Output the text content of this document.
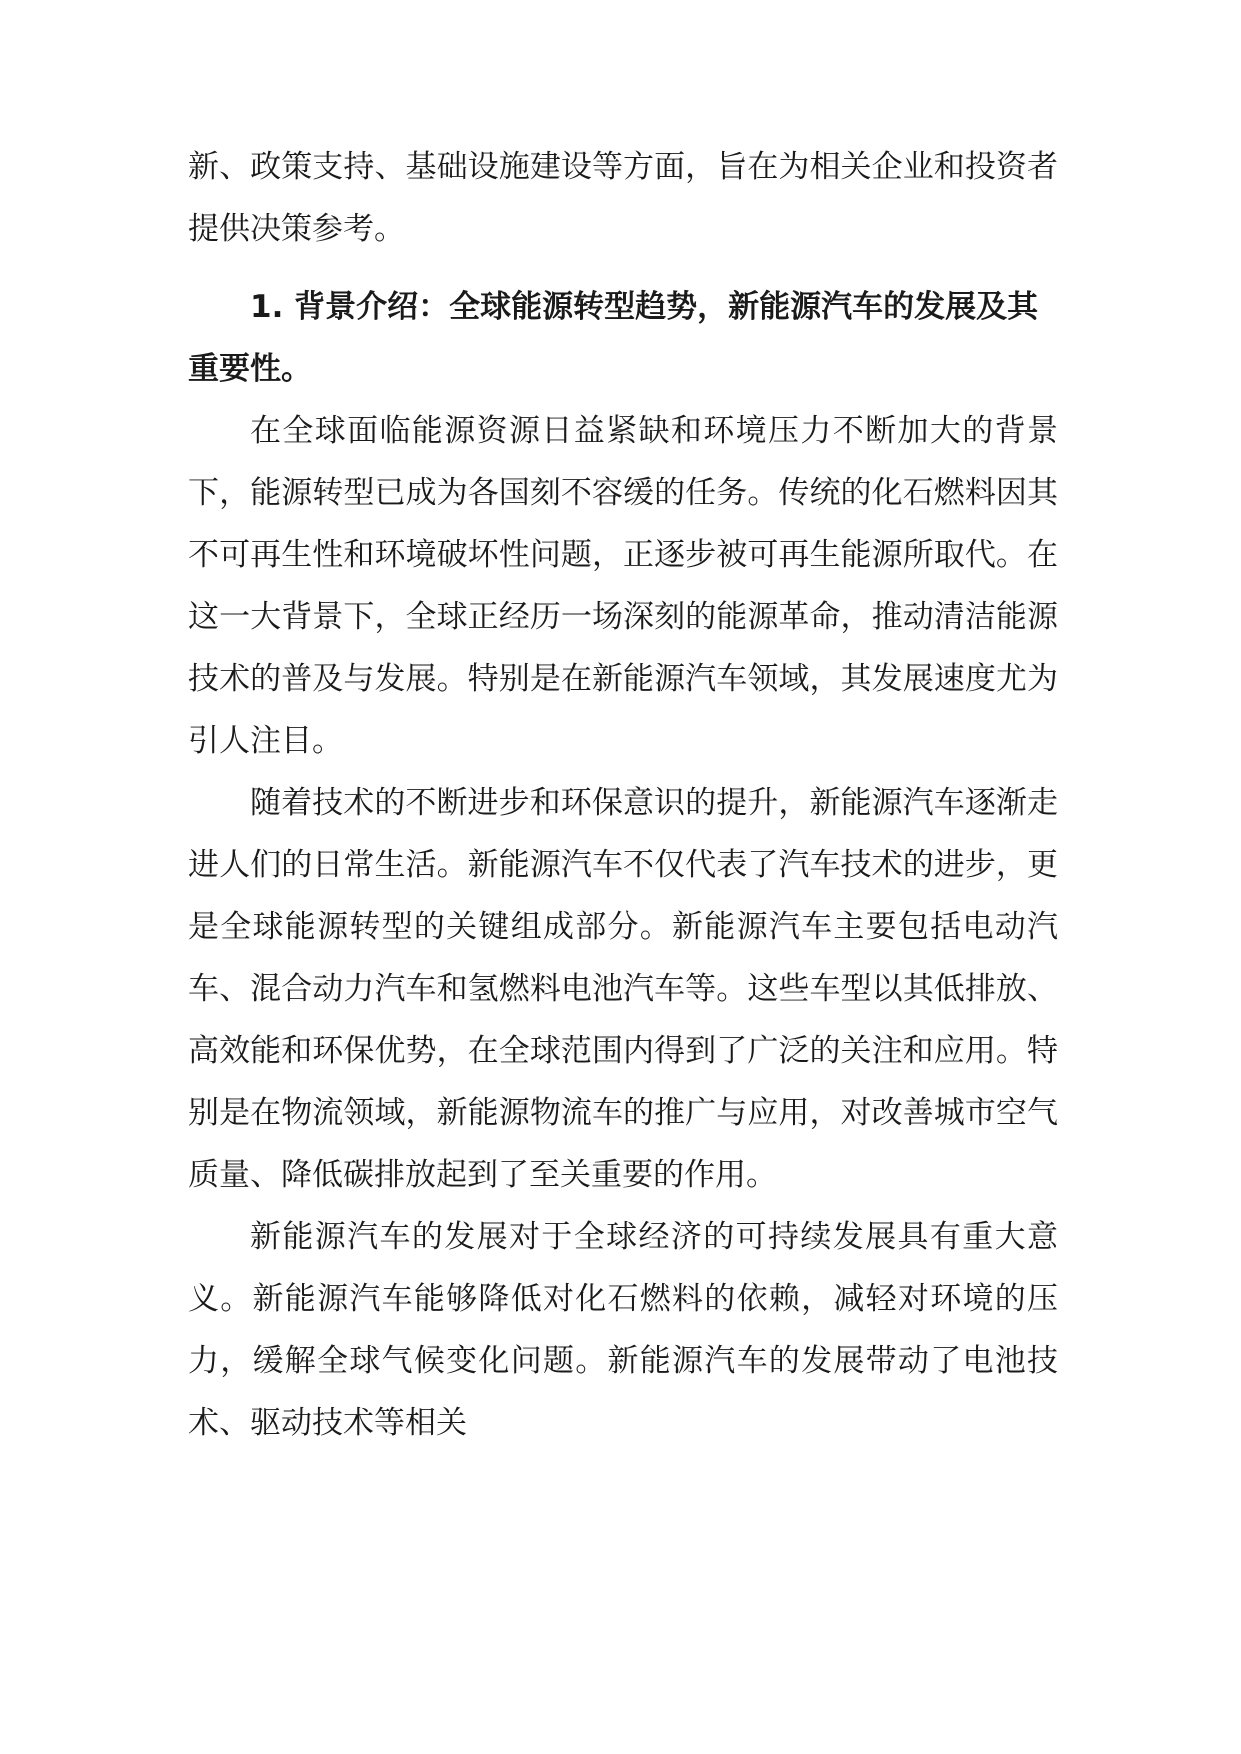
新、政策支持、基础设施建设等方面，旨在为相关企业和投资者提供决策参考。

1. 背景介绍：全球能源转型趋势，新能源汽车的发展及其重要性。

在全球面临能源资源日益紧缺和环境压力不断加大的背景下，能源转型已成为各国刻不容缓的任务。传统的化石燃料因其不可再生性和环境破坏性问题，正逐步被可再生能源所取代。在这一大背景下，全球正经历一场深刻的能源革命，推动清洁能源技术的普及与发展。特别是在新能源汽车领域，其发展速度尤为引人注目。

随着技术的不断进步和环保意识的提升，新能源汽车逐渐走进人们的日常生活。新能源汽车不仅代表了汽车技术的进步，更是全球能源转型的关键组成部分。新能源汽车主要包括电动汽车、混合动力汽车和氢燃料电池汽车等。这些车型以其低排放、高效能和环保优势，在全球范围内得到了广泛的关注和应用。特别是在物流领域，新能源物流车的推广与应用，对改善城市空气质量、降低碳排放起到了至关重要的作用。

新能源汽车的发展对于全球经济的可持续发展具有重大意义。新能源汽车能够降低对化石燃料的依赖，减轻对环境的压力，缓解全球气候变化问题。新能源汽车的发展带动了电池技术、驱动技术等相关
